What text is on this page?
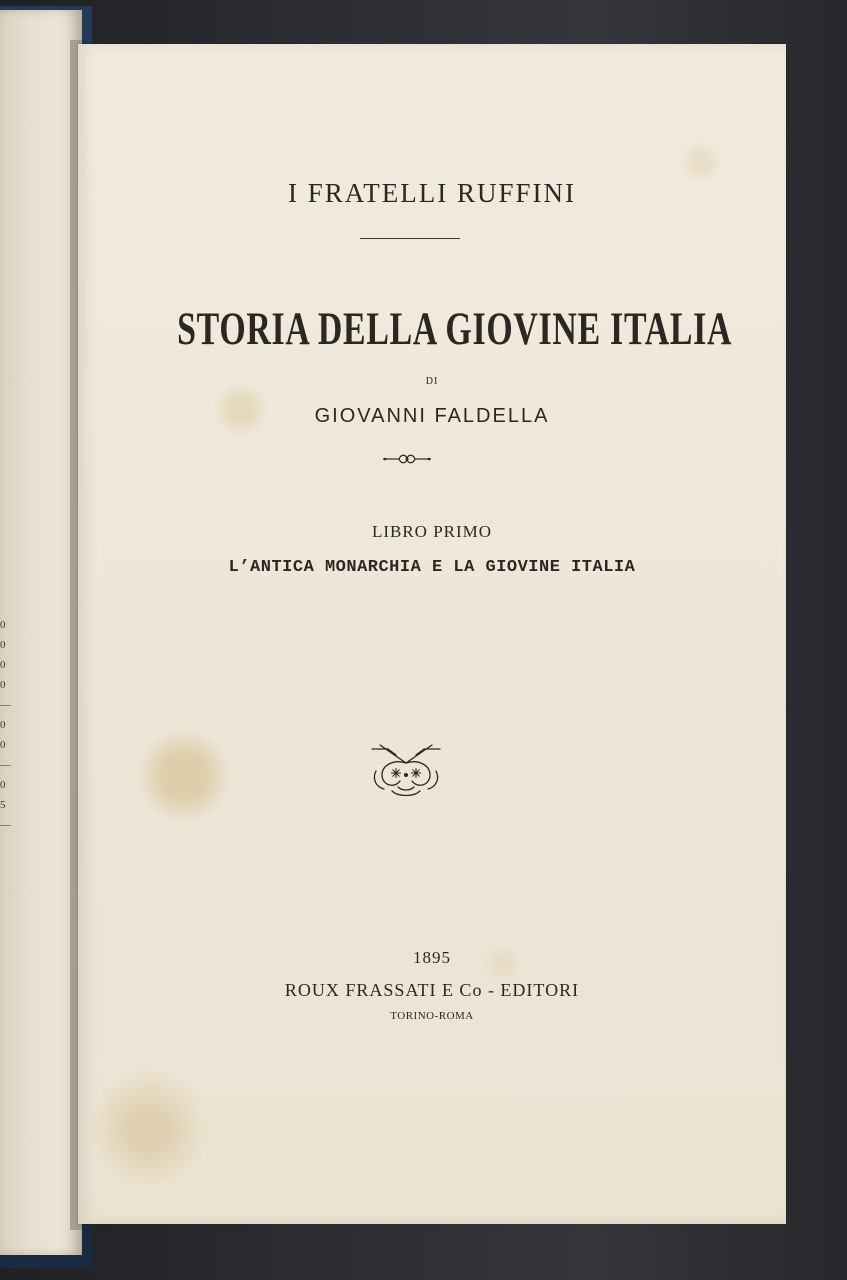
0
0
0
0
—
0
0
—
0
5
—
I FRATELLI RUFFINI
STORIA DELLA GIOVINE ITALIA
DI
GIOVANNI FALDELLA
LIBRO PRIMO
L’ANTICA MONARCHIA E LA GIOVINE ITALIA
1895
ROUX FRASSATI E Co - EDITORI
TORINO-ROMA
